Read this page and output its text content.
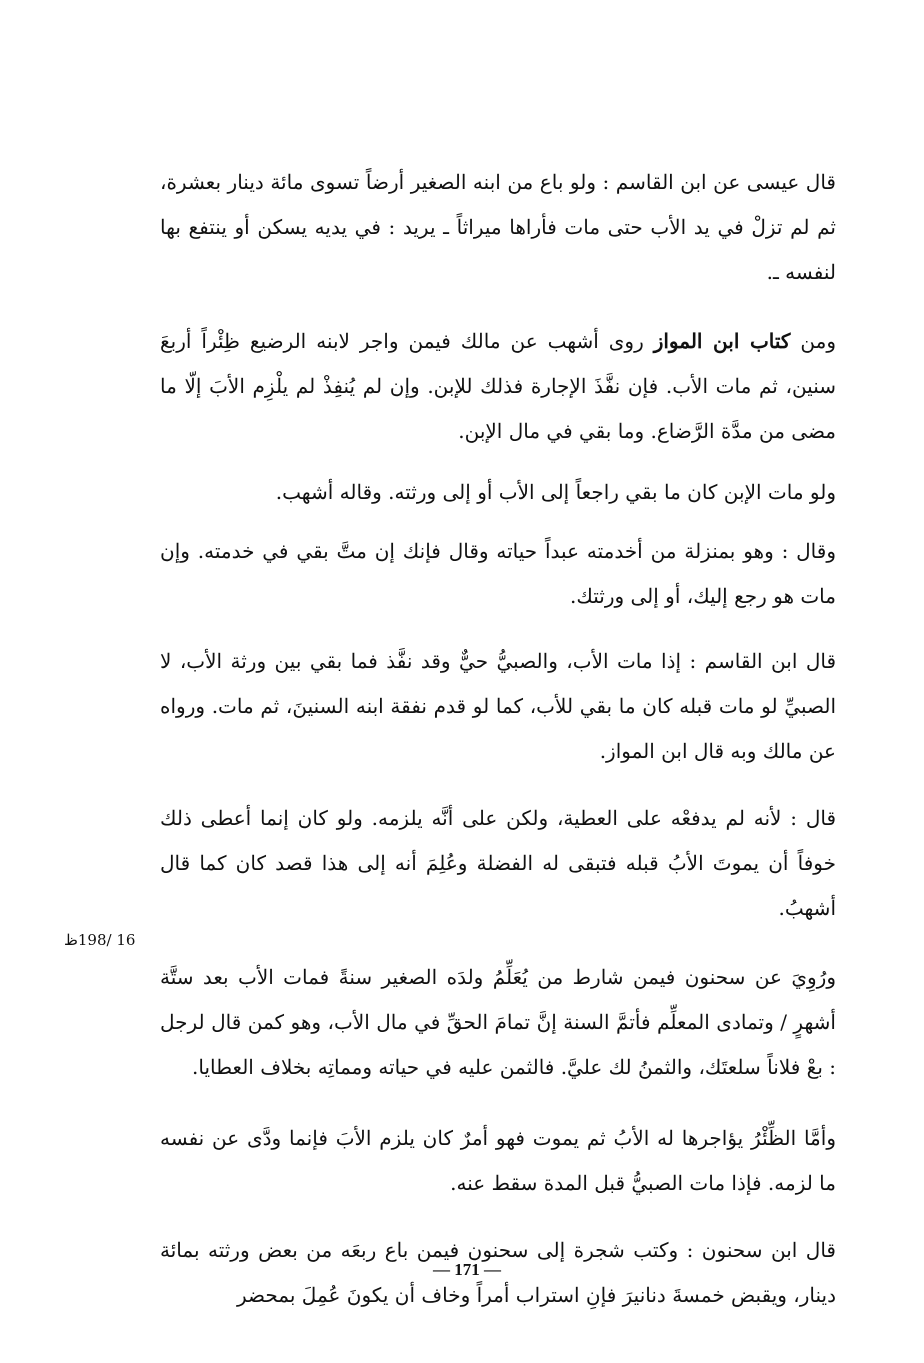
قال عيسى عن ابن القاسم : ولو باع من ابنه الصغير أرضاً تسوى مائة دينار بعشرة، ثم لم تزلْ في يد الأب حتى مات فأراها ميراثاً ـ يريد : في يديه يسكن أو ينتفع بها لنفسه ـ.

ومن كتاب ابن المواز روى أشهب عن مالك فيمن واجر لابنه الرضيع ظِئْراً أربعَ سنين، ثم مات الأب. فإن نفَّذَ الإجارة فذلك للإبن. وإن لم يُنفِذْ لم يلْزِم الأبَ إلّا ما مضى من مدَّة الرَّضاع. وما بقي في مال الإبن.

ولو مات الإبن كان ما بقي راجعاً إلى الأب أو إلى ورثته. وقاله أشهب.

وقال : وهو بمنزلة من أخدمته عبداً حياته وقال فإنك إن متَّ بقي في خدمته. وإن مات هو رجع إليك، أو إلى ورثتك.

قال ابن القاسم : إذا مات الأب، والصبيُّ حيٌّ وقد نفَّذ فما بقي بين ورثة الأب، لا الصبيِّ لو مات قبله كان ما بقي للأب، كما لو قدم نفقة ابنه السنينَ، ثم مات. ورواه عن مالك وبه قال ابن المواز.

قال : لأنه لم يدفعْه على العطية، ولكن على أنَّه يلزمه. ولو كان إنما أعطى ذلك خوفاً أن يموتَ الأبُ قبله فتبقى له الفضلة وعُلِمَ أنه إلى هذا قصد كان كما قال أشهبُ.

ورُوِيَ عن سحنون فيمن شارط من يُعَلِّمُ ولدَه الصغير سنةً فمات الأب بعد ستَّة أشهرٍ / وتمادى المعلِّم فأتمَّ السنة إنَّ تمامَ الحقِّ في مال الأب، وهو كمن قال لرجل : بعْ فلاناً سلعتَك، والثمنُ لك عليَّ. فالثمن عليه في حياته ومماتِه بخلاف العطايا.

وأمَّا الظِّئْرُ يؤاجرها له الأبُ ثم يموت فهو أمرٌ كان يلزم الأبَ فإنما ودَّى عن نفسه ما لزمه. فإذا مات الصبيُّ قبل المدة سقط عنه.

قال ابن سحنون : وكتب شجرة إلى سحنون فيمن باع ربعَه من بعض ورثته بمائة دينار، ويقبض خمسةَ دنانيرَ فإنِ استراب أمراً وخاف أن يكونَ عُمِلَ بمحضر

16 /198ظ
— 171 —
